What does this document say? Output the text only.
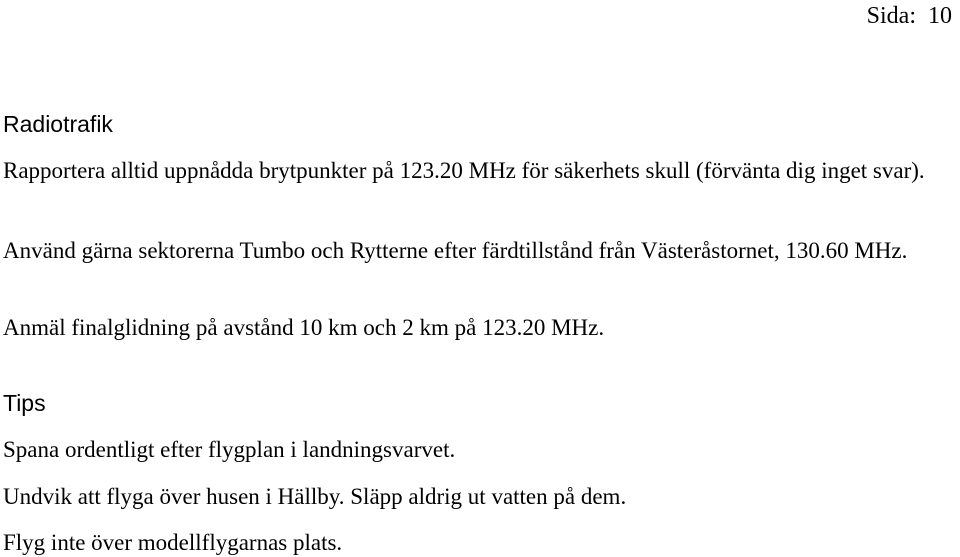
Sida: 10
Radiotrafik

Rapportera alltid uppnådda brytpunkter på 123.20 MHz för säkerhets skull (förvänta dig inget svar).

Använd gärna sektorerna Tumbo och Rytterne efter färdtillstånd från Västeråstornet, 130.60 MHz.

Anmäl finalglidning på avstånd 10 km och 2 km på 123.20 MHz.

Tips

Spana ordentligt efter flygplan i landningsvarvet.

Undvik att flyga över husen i Hällby. Släpp aldrig ut vatten på dem.

Flyg inte över modellflygarnas plats.
